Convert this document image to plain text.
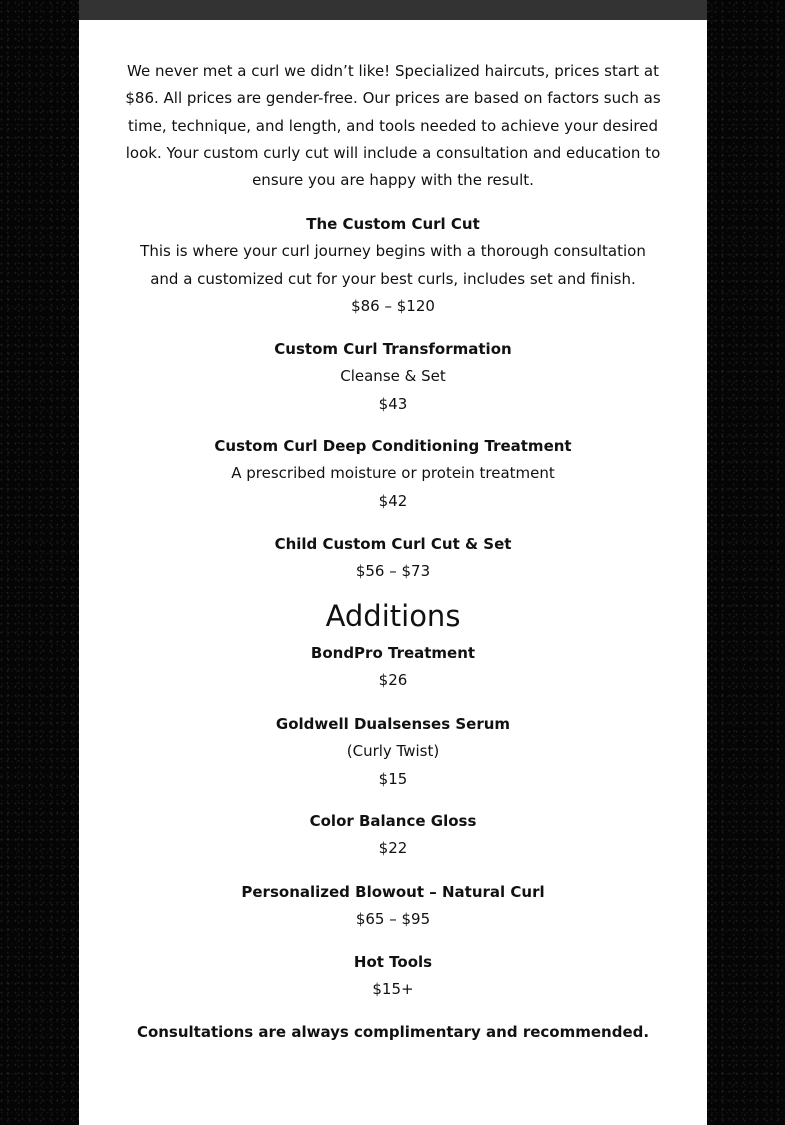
We never met a curl we didn’t like! Specialized haircuts, prices start at $86. All prices are gender-free. Our prices are based on factors such as time, technique, and length, and tools needed to achieve your desired look. Your custom curly cut will include a consultation and education to ensure you are happy with the result.
The Custom Curl Cut
This is where your curl journey begins with a thorough consultation and a customized cut for your best curls, includes set and finish.
$86 – $120
Custom Curl Transformation
Cleanse & Set
$43
Custom Curl Deep Conditioning Treatment
A prescribed moisture or protein treatment
$42
Child Custom Curl Cut & Set
$56 – $73
Additions
BondPro Treatment
$26
Goldwell Dualsenses Serum
(Curly Twist)
$15
Color Balance Gloss
$22
Personalized Blowout – Natural Curl
$65 – $95
Hot Tools
$15+
Consultations are always complimentary and recommended.
